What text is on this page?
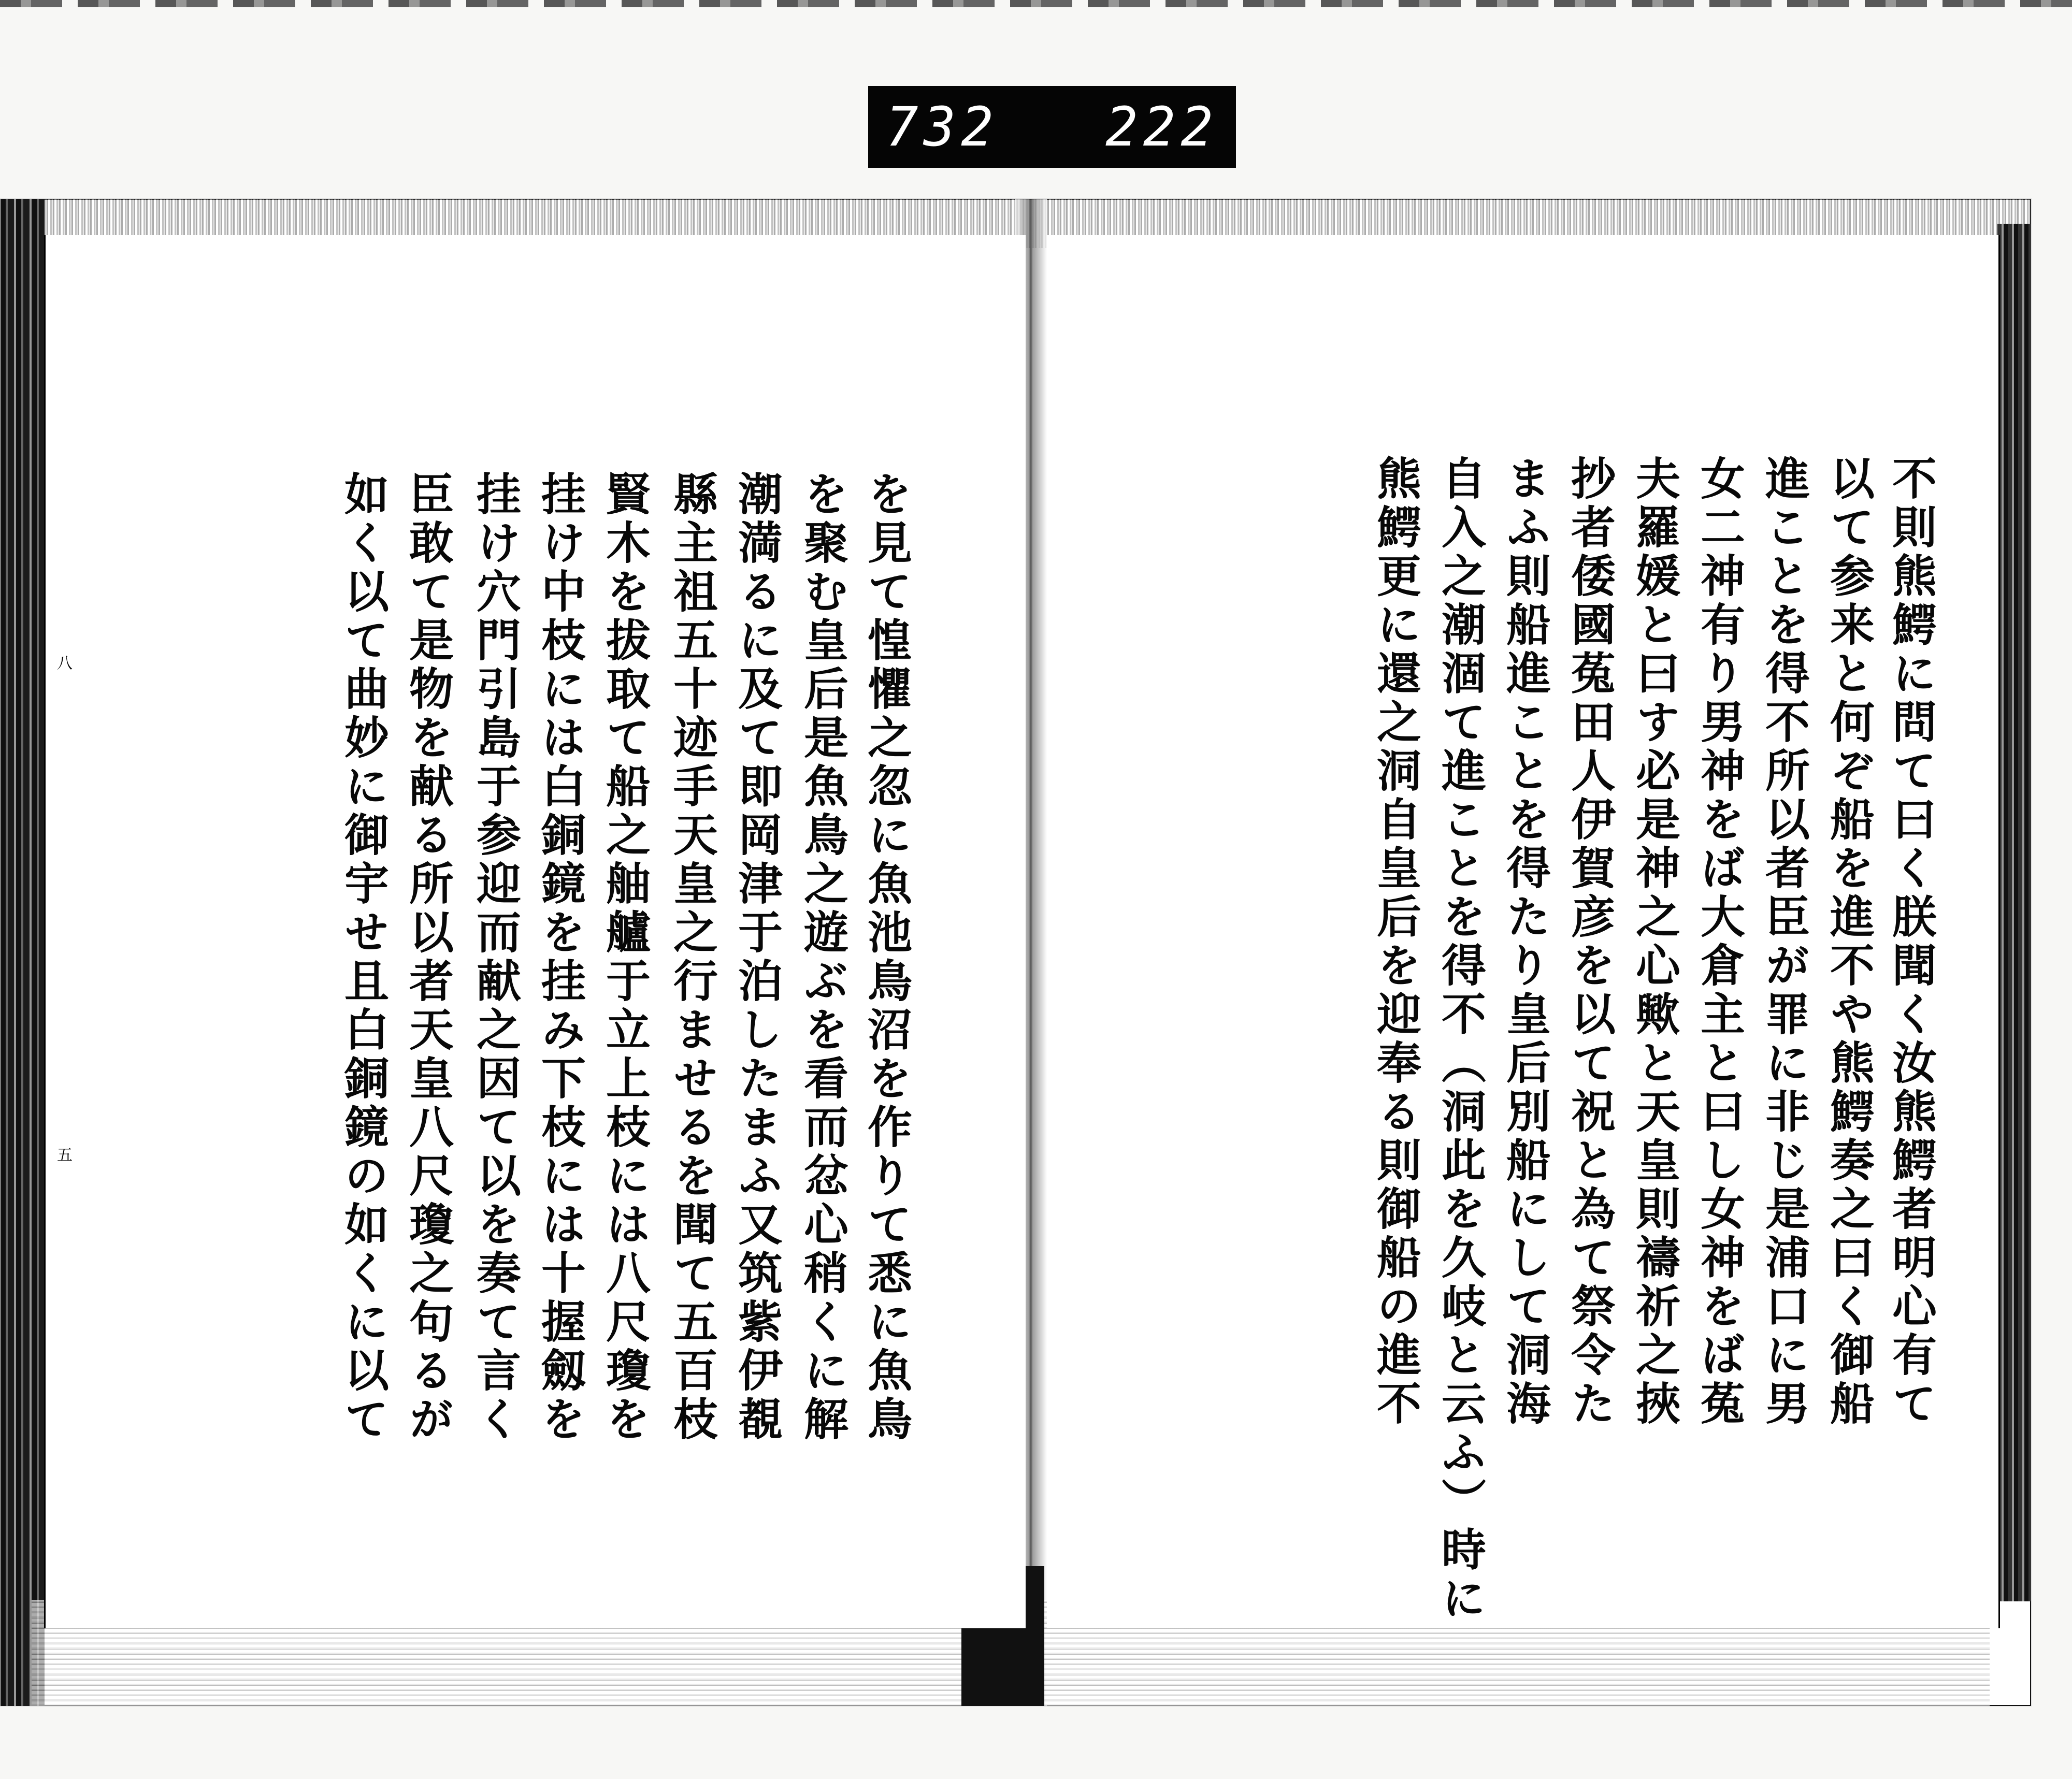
732 222
八
五	を見て惶懼之忽に魚池鳥沼を作りて悉に魚鳥
を聚む皇后是魚鳥之遊ぶを看而忿心稍くに解
潮満るに及て即岡津于泊したまふ又筑紫伊覩
縣主祖五十迹手天皇之行ませるを聞て五百枝
賢木を拔取て船之舳艫于立上枝には八尺瓊を
挂け中枝には白銅鏡を挂み下枝には十握劔を
挂け穴門引島于参迎而献之因て以を奏て言く
臣敢て是物を献る所以者天皇八尺瓊之句るが
如く以て曲妙に御宇せ且白銅鏡の如くに以て	不則熊鰐に問て曰く朕聞く汝熊鰐者明心有て
以て参来と何ぞ船を進不や熊鰐奏之曰く御船
進ことを得不所以者臣が罪に非じ是浦口に男
女二神有り男神をば大倉主と曰し女神をば菟
夫羅媛と曰す必是神之心歟と天皇則禱祈之挾
抄者倭國菟田人伊賀彦を以て祝と為て祭令た
まふ則船進ことを得たり皇后別船にして洞海
自入之潮涸て進ことを得不（洞此を久岐と云ふ）時に
熊鰐更に還之洞自皇后を迎奉る則御船の進不
